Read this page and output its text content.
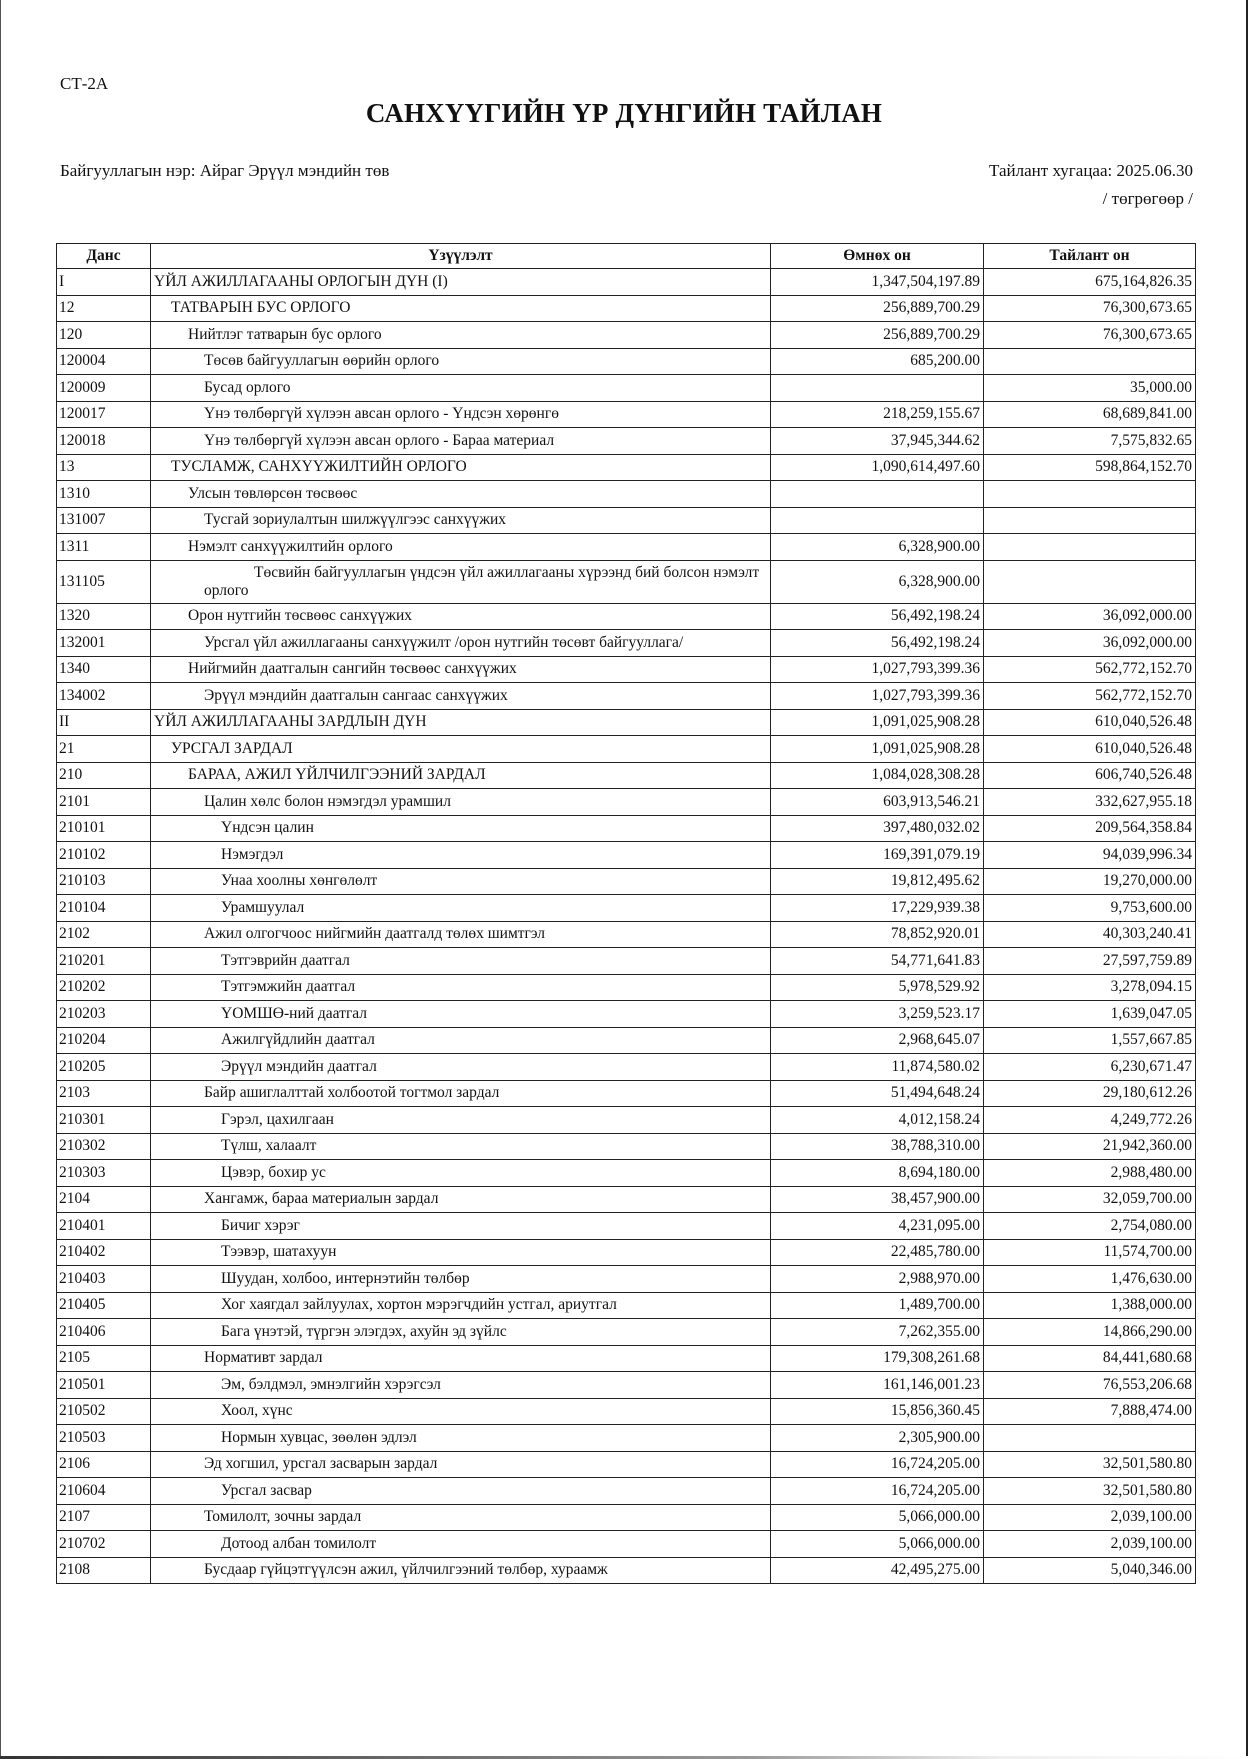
СТ-2А
САНХҮҮГИЙН ҮР ДҮНГИЙН ТАЙЛАН
Байгууллагын нэр: Айраг Эрүүл мэндийн төв	Тайлант хугацаа: 2025.06.30
/ төгрөгөөр /
Данс	Үзүүлэлт	Өмнөх он	Тайлант он
I	ҮЙЛ АЖИЛЛАГААНЫ ОРЛОГЫН ДҮН (I)	1,347,504,197.89	675,164,826.35
12	ТАТВАРЫН БУС ОРЛОГО	256,889,700.29	76,300,673.65
120	Нийтлэг татварын бус орлого	256,889,700.29	76,300,673.65
120004	Төсөв байгууллагын өөрийн орлого	685,200.00	
120009	Бусад орлого		35,000.00
120017	Үнэ төлбөргүй хүлээн авсан орлого - Үндсэн хөрөнгө	218,259,155.67	68,689,841.00
120018	Үнэ төлбөргүй хүлээн авсан орлого - Бараа материал	37,945,344.62	7,575,832.65
13	ТУСЛАМЖ, САНХҮҮЖИЛТИЙН ОРЛОГО	1,090,614,497.60	598,864,152.70
1310	Улсын төвлөрсөн төсвөөс		
131007	Тусгай зориулалтын шилжүүлгээс санхүүжих		
1311	Нэмэлт санхүүжилтийн орлого	6,328,900.00	
131105	Төсвийн байгууллагын үндсэн үйл ажиллагааны хүрээнд бий болсон нэмэлт орлого	6,328,900.00	
1320	Орон нутгийн төсвөөс санхүүжих	56,492,198.24	36,092,000.00
132001	Урсгал үйл ажиллагааны санхүүжилт /орон нутгийн төсөвт байгууллага/	56,492,198.24	36,092,000.00
1340	Нийгмийн даатгалын сангийн төсвөөс санхүүжих	1,027,793,399.36	562,772,152.70
134002	Эрүүл мэндийн даатгалын сангаас санхүүжих	1,027,793,399.36	562,772,152.70
II	ҮЙЛ АЖИЛЛАГААНЫ ЗАРДЛЫН ДҮН	1,091,025,908.28	610,040,526.48
21	УРСГАЛ ЗАРДАЛ	1,091,025,908.28	610,040,526.48
210	БАРАА, АЖИЛ ҮЙЛЧИЛГЭЭНИЙ ЗАРДАЛ	1,084,028,308.28	606,740,526.48
2101	Цалин хөлс болон нэмэгдэл урамшил	603,913,546.21	332,627,955.18
210101	Үндсэн цалин	397,480,032.02	209,564,358.84
210102	Нэмэгдэл	169,391,079.19	94,039,996.34
210103	Унаа хоолны хөнгөлөлт	19,812,495.62	19,270,000.00
210104	Урамшуулал	17,229,939.38	9,753,600.00
2102	Ажил олгогчоос нийгмийн даатгалд төлөх шимтгэл	78,852,920.01	40,303,240.41
210201	Тэтгэврийн даатгал	54,771,641.83	27,597,759.89
210202	Тэтгэмжийн даатгал	5,978,529.92	3,278,094.15
210203	ҮОМШӨ-ний даатгал	3,259,523.17	1,639,047.05
210204	Ажилгүйдлийн даатгал	2,968,645.07	1,557,667.85
210205	Эрүүл мэндийн даатгал	11,874,580.02	6,230,671.47
2103	Байр ашиглалттай холбоотой тогтмол зардал	51,494,648.24	29,180,612.26
210301	Гэрэл, цахилгаан	4,012,158.24	4,249,772.26
210302	Түлш, халаалт	38,788,310.00	21,942,360.00
210303	Цэвэр, бохир ус	8,694,180.00	2,988,480.00
2104	Хангамж, бараа материалын зардал	38,457,900.00	32,059,700.00
210401	Бичиг хэрэг	4,231,095.00	2,754,080.00
210402	Тээвэр, шатахуун	22,485,780.00	11,574,700.00
210403	Шуудан, холбоо, интернэтийн төлбөр	2,988,970.00	1,476,630.00
210405	Хог хаягдал зайлуулах, хортон мэрэгчдийн устгал, ариутгал	1,489,700.00	1,388,000.00
210406	Бага үнэтэй, түргэн элэгдэх, ахуйн эд зүйлс	7,262,355.00	14,866,290.00
2105	Нормативт зардал	179,308,261.68	84,441,680.68
210501	Эм, бэлдмэл, эмнэлгийн хэрэгсэл	161,146,001.23	76,553,206.68
210502	Хоол, хүнс	15,856,360.45	7,888,474.00
210503	Нормын хувцас, зөөлөн эдлэл	2,305,900.00	
2106	Эд хогшил, урсгал засварын зардал	16,724,205.00	32,501,580.80
210604	Урсгал засвар	16,724,205.00	32,501,580.80
2107	Томилолт, зочны зардал	5,066,000.00	2,039,100.00
210702	Дотоод албан томилолт	5,066,000.00	2,039,100.00
2108	Бусдаар гүйцэтгүүлсэн ажил, үйлчилгээний төлбөр, хураамж	42,495,275.00	5,040,346.00
